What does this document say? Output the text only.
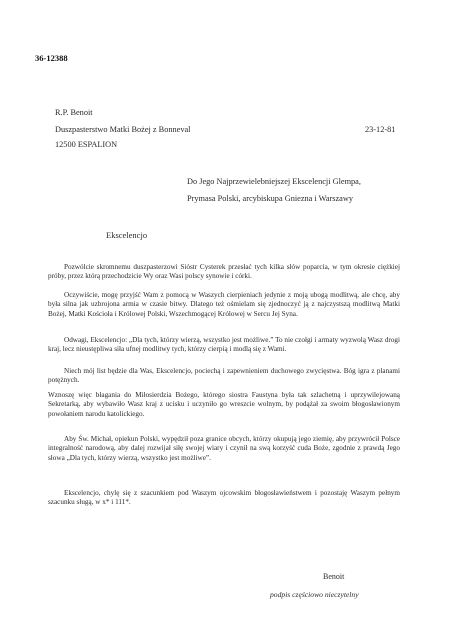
36-12388
R.P. Benoit
Duszpasterstwo Matki Bożej z Bonneval	23-12-81
12500 ESPALION
Do Jego Najprzewielebniejszej Ekscelencji Glempa,
Prymasa Polski, arcybiskupa Gniezna i Warszawy
Ekscelencjo
Pozwólcie skromnemu duszpasterzowi Sióstr Cysterek przesłać tych kilka słów poparcia, w tym okresie ciężkiej próby, przez którą przechodzicie Wy oraz Wasi polscy synowie i córki.
Oczywiście, mogę przyjść Wam z pomocą w Waszych cierpieniach jedynie z moją ubogą modlitwą, ale chcę, aby była silna jak uzbrojona armia w czasie bitwy. Dlatego też ośmielam się zjednoczyć ją z najczystszą modlitwą Matki Bożej, Matki Kościoła i Królowej Polski, Wszechmogącej Królowej w Sercu Jej Syna.
Odwagi, Ekscelencjo: „Dla tych, którzy wierzą, wszystko jest możliwe.” To nie czołgi i armaty wyzwolą Wasz drogi kraj, lecz nieustępliwa siła ufnej modlitwy tych, którzy cierpią i modlą się z Wami.
Niech mój list będzie dla Was, Ekscelencjo, pociechą i zapewnieniem duchowego zwycięstwa. Bóg igra z planami potężnych.
Wznoszę więc błagania do Miłosierdzia Bożego, którego siostra Faustyna była tak szlachetną i uprzywilejowaną Sekretarką, aby wybawiło Wasz kraj z ucisku i uczyniło go wreszcie wolnym, by podążał za swoim błogosławionym powołaniem narodu katolickiego.
Aby Św. Michał, opiekun Polski, wypędził poza granice obcych, którzy okupują jego ziemię, aby przywrócił Polsce integralność narodową, aby dalej rozwijał siłę swojej wiary i czynił na swą korzyść cuda Boże, zgodnie z prawdą Jego słowa „Dla tych, którzy wierzą, wszystko jest możliwe”.
Ekscelencjo, chylę się z szacunkiem pod Waszym ojcowskim błogosławieństwem i pozostaję Waszym pełnym szacunku sługą, w x* i 111*.
Benoit
podpis częściowo nieczytelny
